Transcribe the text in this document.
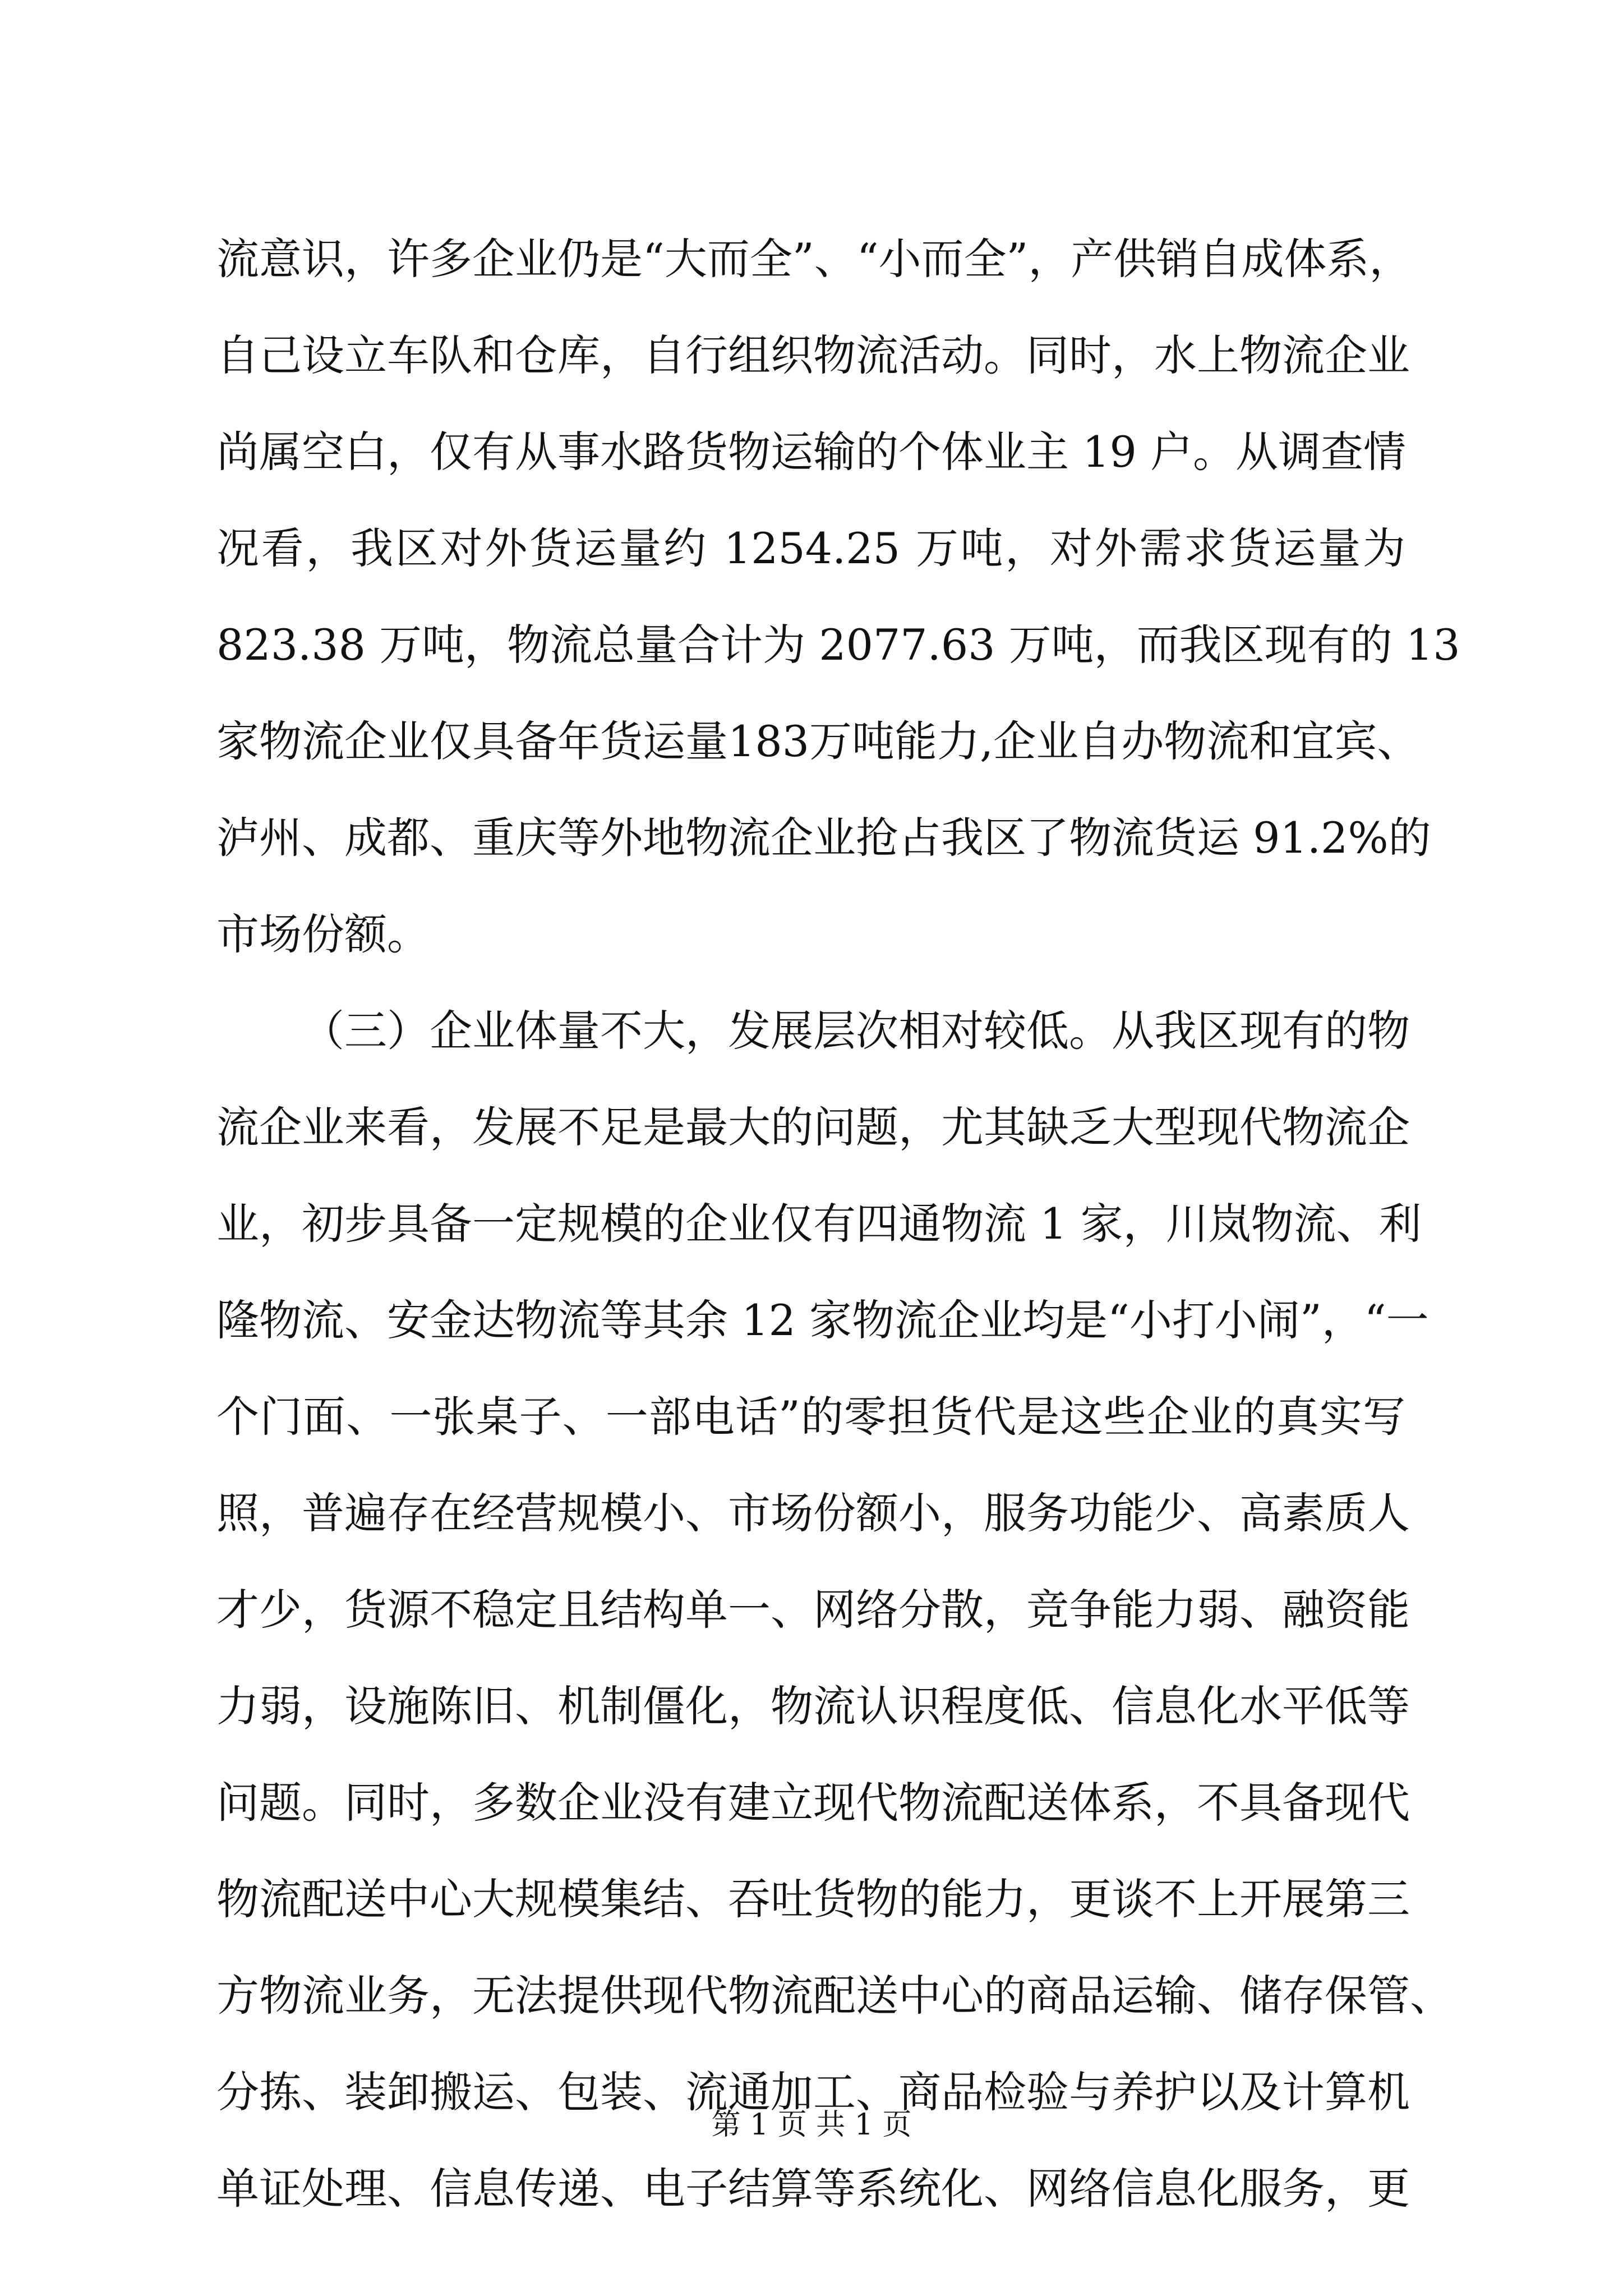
流意识，许多企业仍是“大而全”、“小而全”，产供销自成体系，
自己设立车队和仓库，自行组织物流活动。同时，水上物流企业
尚属空白，仅有从事水路货物运输的个体业主 19 户。从调查情
况看，我区对外货运量约 1254.25 万吨，对外需求货运量为
823.38 万吨，物流总量合计为 2077.63 万吨，而我区现有的 13
家物流企业仅具备年货运量183万吨能力,企业自办物流和宜宾、
泸州、成都、重庆等外地物流企业抢占我区了物流货运 91.2%的
市场份额。
（三）企业体量不大，发展层次相对较低。从我区现有的物
流企业来看，发展不足是最大的问题，尤其缺乏大型现代物流企
业，初步具备一定规模的企业仅有四通物流 1 家，川岚物流、利
隆物流、安金达物流等其余 12 家物流企业均是“小打小闹”，“一
个门面、一张桌子、一部电话”的零担货代是这些企业的真实写
照，普遍存在经营规模小、市场份额小，服务功能少、高素质人
才少，货源不稳定且结构单一、网络分散，竞争能力弱、融资能
力弱，设施陈旧、机制僵化，物流认识程度低、信息化水平低等
问题。同时，多数企业没有建立现代物流配送体系，不具备现代
物流配送中心大规模集结、吞吐货物的能力，更谈不上开展第三
方物流业务，无法提供现代物流配送中心的商品运输、储存保管、
分拣、装卸搬运、包装、流通加工、商品检验与养护以及计算机
单证处理、信息传递、电子结算等系统化、网络信息化服务，更
第 1 页 共 1 页
